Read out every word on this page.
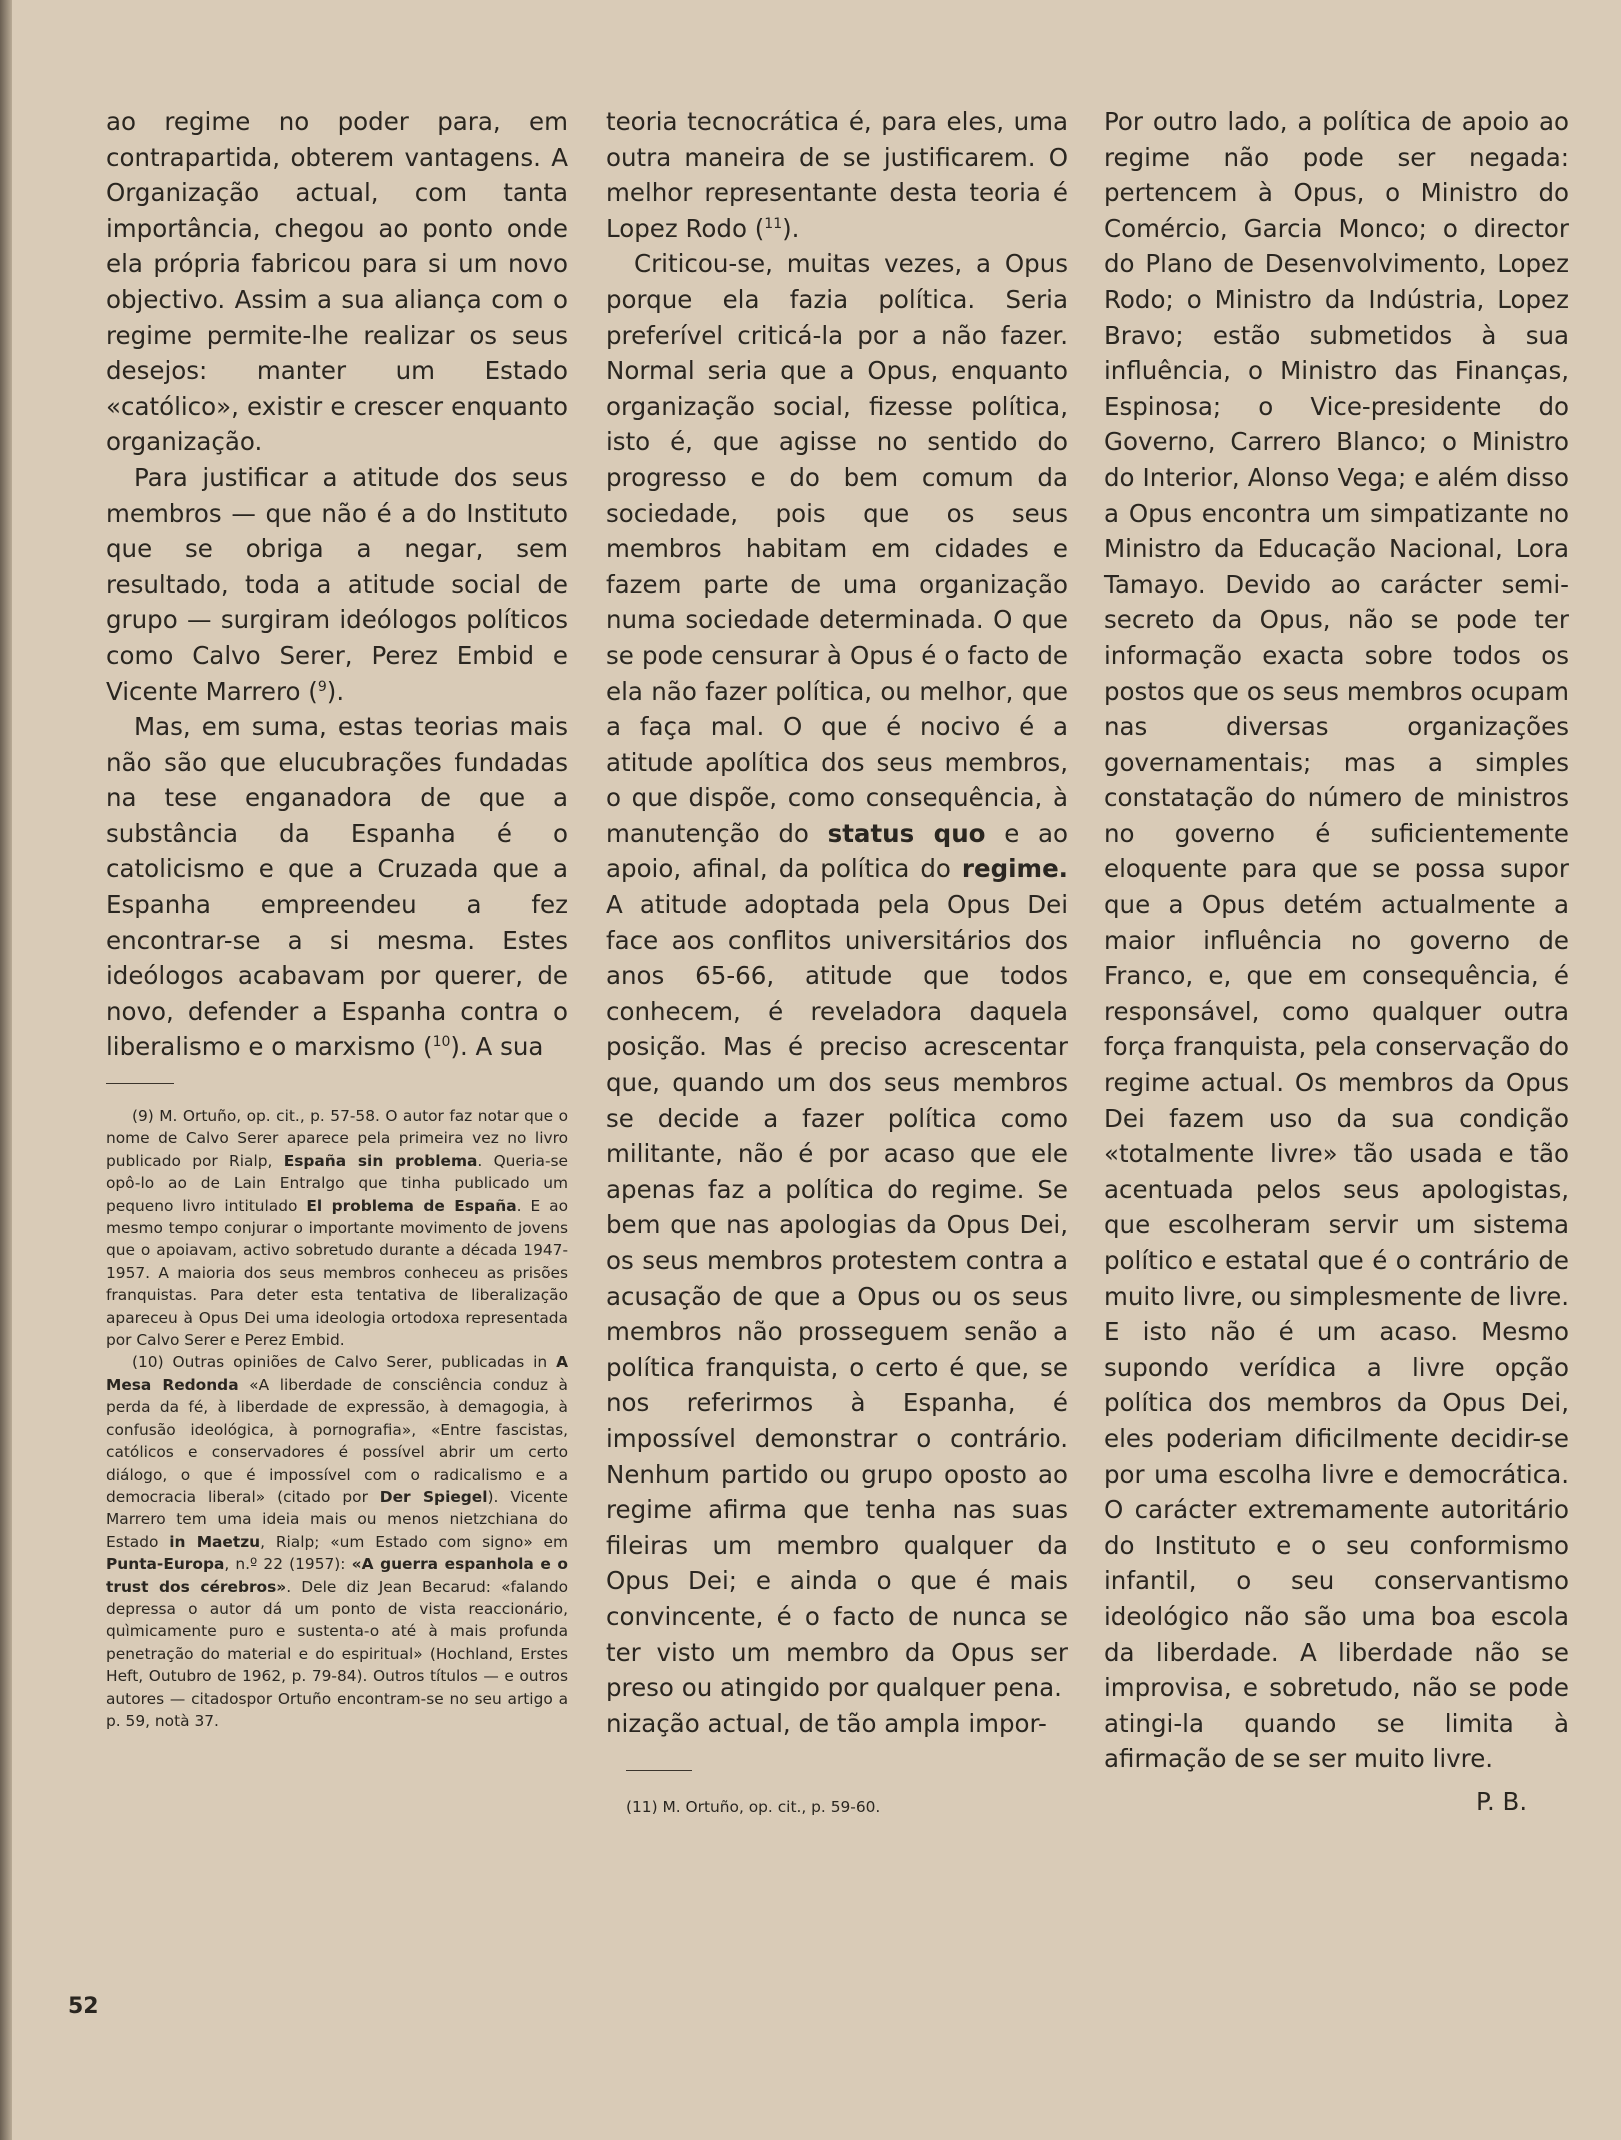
ao regime no poder para, em contrapartida, obterem vantagens. A Organização actual, com tanta importância, chegou ao ponto onde ela própria fabricou para si um novo objectivo. Assim a sua aliança com o regime permite-lhe realizar os seus desejos: manter um Estado «católico», existir e crescer enquanto organização.

Para justificar a atitude dos seus membros — que não é a do Instituto que se obriga a negar, sem resultado, toda a atitude social de grupo — surgiram ideólogos políticos como Calvo Serer, Perez Embid e Vicente Marrero ($^9$).

Mas, em suma, estas teorias mais não são que elucubrações fundadas na tese enganadora de que a substância da Espanha é o catolicismo e que a Cruzada que a Espanha empreendeu a fez encontrar-se a si mesma. Estes ideólogos acabavam por querer, de novo, defender a Espanha contra o liberalismo e o marxismo ($^{10}$). A sua

(9) M. Ortuño, op. cit., p. 57-58. O autor faz notar que o nome de Calvo Serer aparece pela primeira vez no livro publicado por Rialp, España sin problema. Queria-se opô-lo ao de Lain Entralgo que tinha publicado um pequeno livro intitulado El problema de España. E ao mesmo tempo conjurar o importante movimento de jovens que o apoiavam, activo sobretudo durante a década 1947-1957. A maioria dos seus membros conheceu as prisões franquistas. Para deter esta tentativa de liberalização apareceu à Opus Dei uma ideologia ortodoxa representada por Calvo Serer e Perez Embid.

(10) Outras opiniões de Calvo Serer, publicadas in A Mesa Redonda «A liberdade de consciência conduz à perda da fé, à liberdade de expressão, à demagogia, à confusão ideológica, à pornografia», «Entre fascistas, católicos e conservadores é possível abrir um certo diálogo, o que é impossível com o radicalismo e a democracia liberal» (citado por Der Spiegel). Vicente Marrero tem uma ideia mais ou menos nietzchiana do Estado in Maetzu, Rialp; «um Estado com signo» em Punta-Europa, n.º 22 (1957): «A guerra espanhola e o trust dos cérebros». Dele diz Jean Becarud: «falando depressa o autor dá um ponto de vista reaccionário, quìmicamente puro e sustenta-o até à mais profunda penetração do material e do espiritual» (Hochland, Erstes Heft, Outubro de 1962, p. 79-84). Outros títulos — e outros autores — citadospor Ortuño encontram-se no seu artigo a p. 59, notà 37.

teoria tecnocrática é, para eles, uma outra maneira de se justificarem. O melhor representante desta teoria é Lopez Rodo ($^{11}$).

Criticou-se, muitas vezes, a Opus porque ela fazia política. Seria preferível criticá-la por a não fazer. Normal seria que a Opus, enquanto organização social, fizesse política, isto é, que agisse no sentido do progresso e do bem comum da sociedade, pois que os seus membros habitam em cidades e fazem parte de uma organização numa sociedade determinada. O que se pode censurar à Opus é o facto de ela não fazer política, ou melhor, que a faça mal. O que é nocivo é a atitude apolítica dos seus membros, o que dispõe, como consequência, à manutenção do status quo e ao apoio, afinal, da política do regime. A atitude adoptada pela Opus Dei face aos conflitos universitários dos anos 65-66, atitude que todos conhecem, é reveladora daquela posição. Mas é preciso acrescentar que, quando um dos seus membros se decide a fazer política como militante, não é por acaso que ele apenas faz a política do regime. Se bem que nas apologias da Opus Dei, os seus membros protestem contra a acusação de que a Opus ou os seus membros não prosseguem senão a política franquista, o certo é que, se nos referirmos à Espanha, é impossível demonstrar o contrário. Nenhum partido ou grupo oposto ao regime afirma que tenha nas suas fileiras um membro qualquer da Opus Dei; e ainda o que é mais convincente, é o facto de nunca se ter visto um membro da Opus ser preso ou atingido por qualquer pena.

nização actual, de tão ampla impor-

(11) M. Ortuño, op. cit., p. 59-60.

Por outro lado, a política de apoio ao regime não pode ser negada: pertencem à Opus, o Ministro do Comércio, Garcia Monco; o director do Plano de Desenvolvimento, Lopez Rodo; o Ministro da Indústria, Lopez Bravo; estão submetidos à sua influência, o Ministro das Finanças, Espinosa; o Vice-presidente do Governo, Carrero Blanco; o Ministro do Interior, Alonso Vega; e além disso a Opus encontra um simpatizante no Ministro da Educação Nacional, Lora Tamayo. Devido ao carácter semi-secreto da Opus, não se pode ter informação exacta sobre todos os postos que os seus membros ocupam nas diversas organizações governamentais; mas a simples constatação do número de ministros no governo é suficientemente eloquente para que se possa supor que a Opus detém actualmente a maior influência no governo de Franco, e, que em consequência, é responsável, como qualquer outra força franquista, pela conservação do regime actual. Os membros da Opus Dei fazem uso da sua condição «totalmente livre» tão usada e tão acentuada pelos seus apologistas, que escolheram servir um sistema político e estatal que é o contrário de muito livre, ou simplesmente de livre. E isto não é um acaso. Mesmo supondo verídica a livre opção política dos membros da Opus Dei, eles poderiam dificilmente decidir-se por uma escolha livre e democrática. O carácter extremamente autoritário do Instituto e o seu conformismo infantil, o seu conservantismo ideológico não são uma boa escola da liberdade. A liberdade não se improvisa, e sobretudo, não se pode atingi-la quando se limita à afirmação de se ser muito livre.

P. B.
52
